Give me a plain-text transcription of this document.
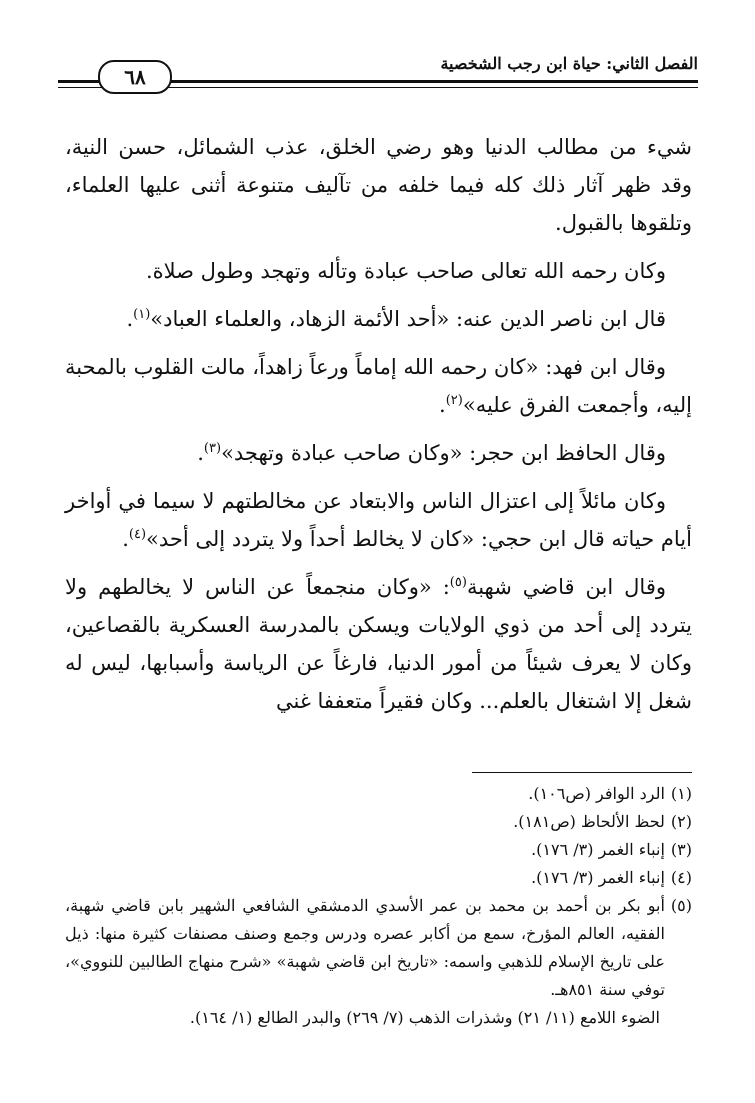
الفصل الثاني: حياة ابن رجب الشخصية
٦٨

شيء من مطالب الدنيا وهو رضي الخلق، عذب الشمائل، حسن النية، وقد ظهر آثار ذلك كله فيما خلفه من تآليف متنوعة أثنى عليها العلماء، وتلقوها بالقبول.

وكان رحمه الله تعالى صاحب عبادة وتأله وتهجد وطول صلاة.

قال ابن ناصر الدين عنه: «أحد الأئمة الزهاد، والعلماء العباد»$^{(١)}$.

وقال ابن فهد: «كان رحمه الله إماماً ورعاً زاهداً، مالت القلوب بالمحبة إليه، وأجمعت الفرق عليه»$^{(٢)}$.

وقال الحافظ ابن حجر: «وكان صاحب عبادة وتهجد»$^{(٣)}$.

وكان مائلاً إلى اعتزال الناس والابتعاد عن مخالطتهم لا سيما في أواخر أيام حياته قال ابن حجي: «كان لا يخالط أحداً ولا يتردد إلى أحد»$^{(٤)}$.

وقال ابن قاضي شهبة$^{(٥)}$: «وكان منجمعاً عن الناس لا يخالطهم ولا يتردد إلى أحد من ذوي الولايات ويسكن بالمدرسة العسكرية بالقصاعين، وكان لا يعرف شيئاً من أمور الدنيا، فارغاً عن الرياسة وأسبابها، ليس له شغل إلا اشتغال بالعلم... وكان فقيراً متعففا غني

(١)
الرد الوافر (ص١٠٦).

(٢)
لحظ الألحاظ (ص١٨١).

(٣)
إنباء الغمر (٣/ ١٧٦).

(٤)
إنباء الغمر (٣/ ١٧٦).

(٥)
أبو بكر بن أحمد بن محمد بن عمر الأسدي الدمشقي الشافعي الشهير بابن قاضي شهبة، الفقيه، العالم المؤرخ، سمع من أكابر عصره ودرس وجمع وصنف مصنفات كثيرة منها: ذيل على تاريخ الإسلام للذهبي واسمه: «تاريخ ابن قاضي شهبة» «شرح منهاج الطالبين للنووي»، توفي سنة ٨٥١هـ.

الضوء اللامع (١١/ ٢١) وشذرات الذهب (٧/ ٢٦٩) والبدر الطالع (١/ ١٦٤).
